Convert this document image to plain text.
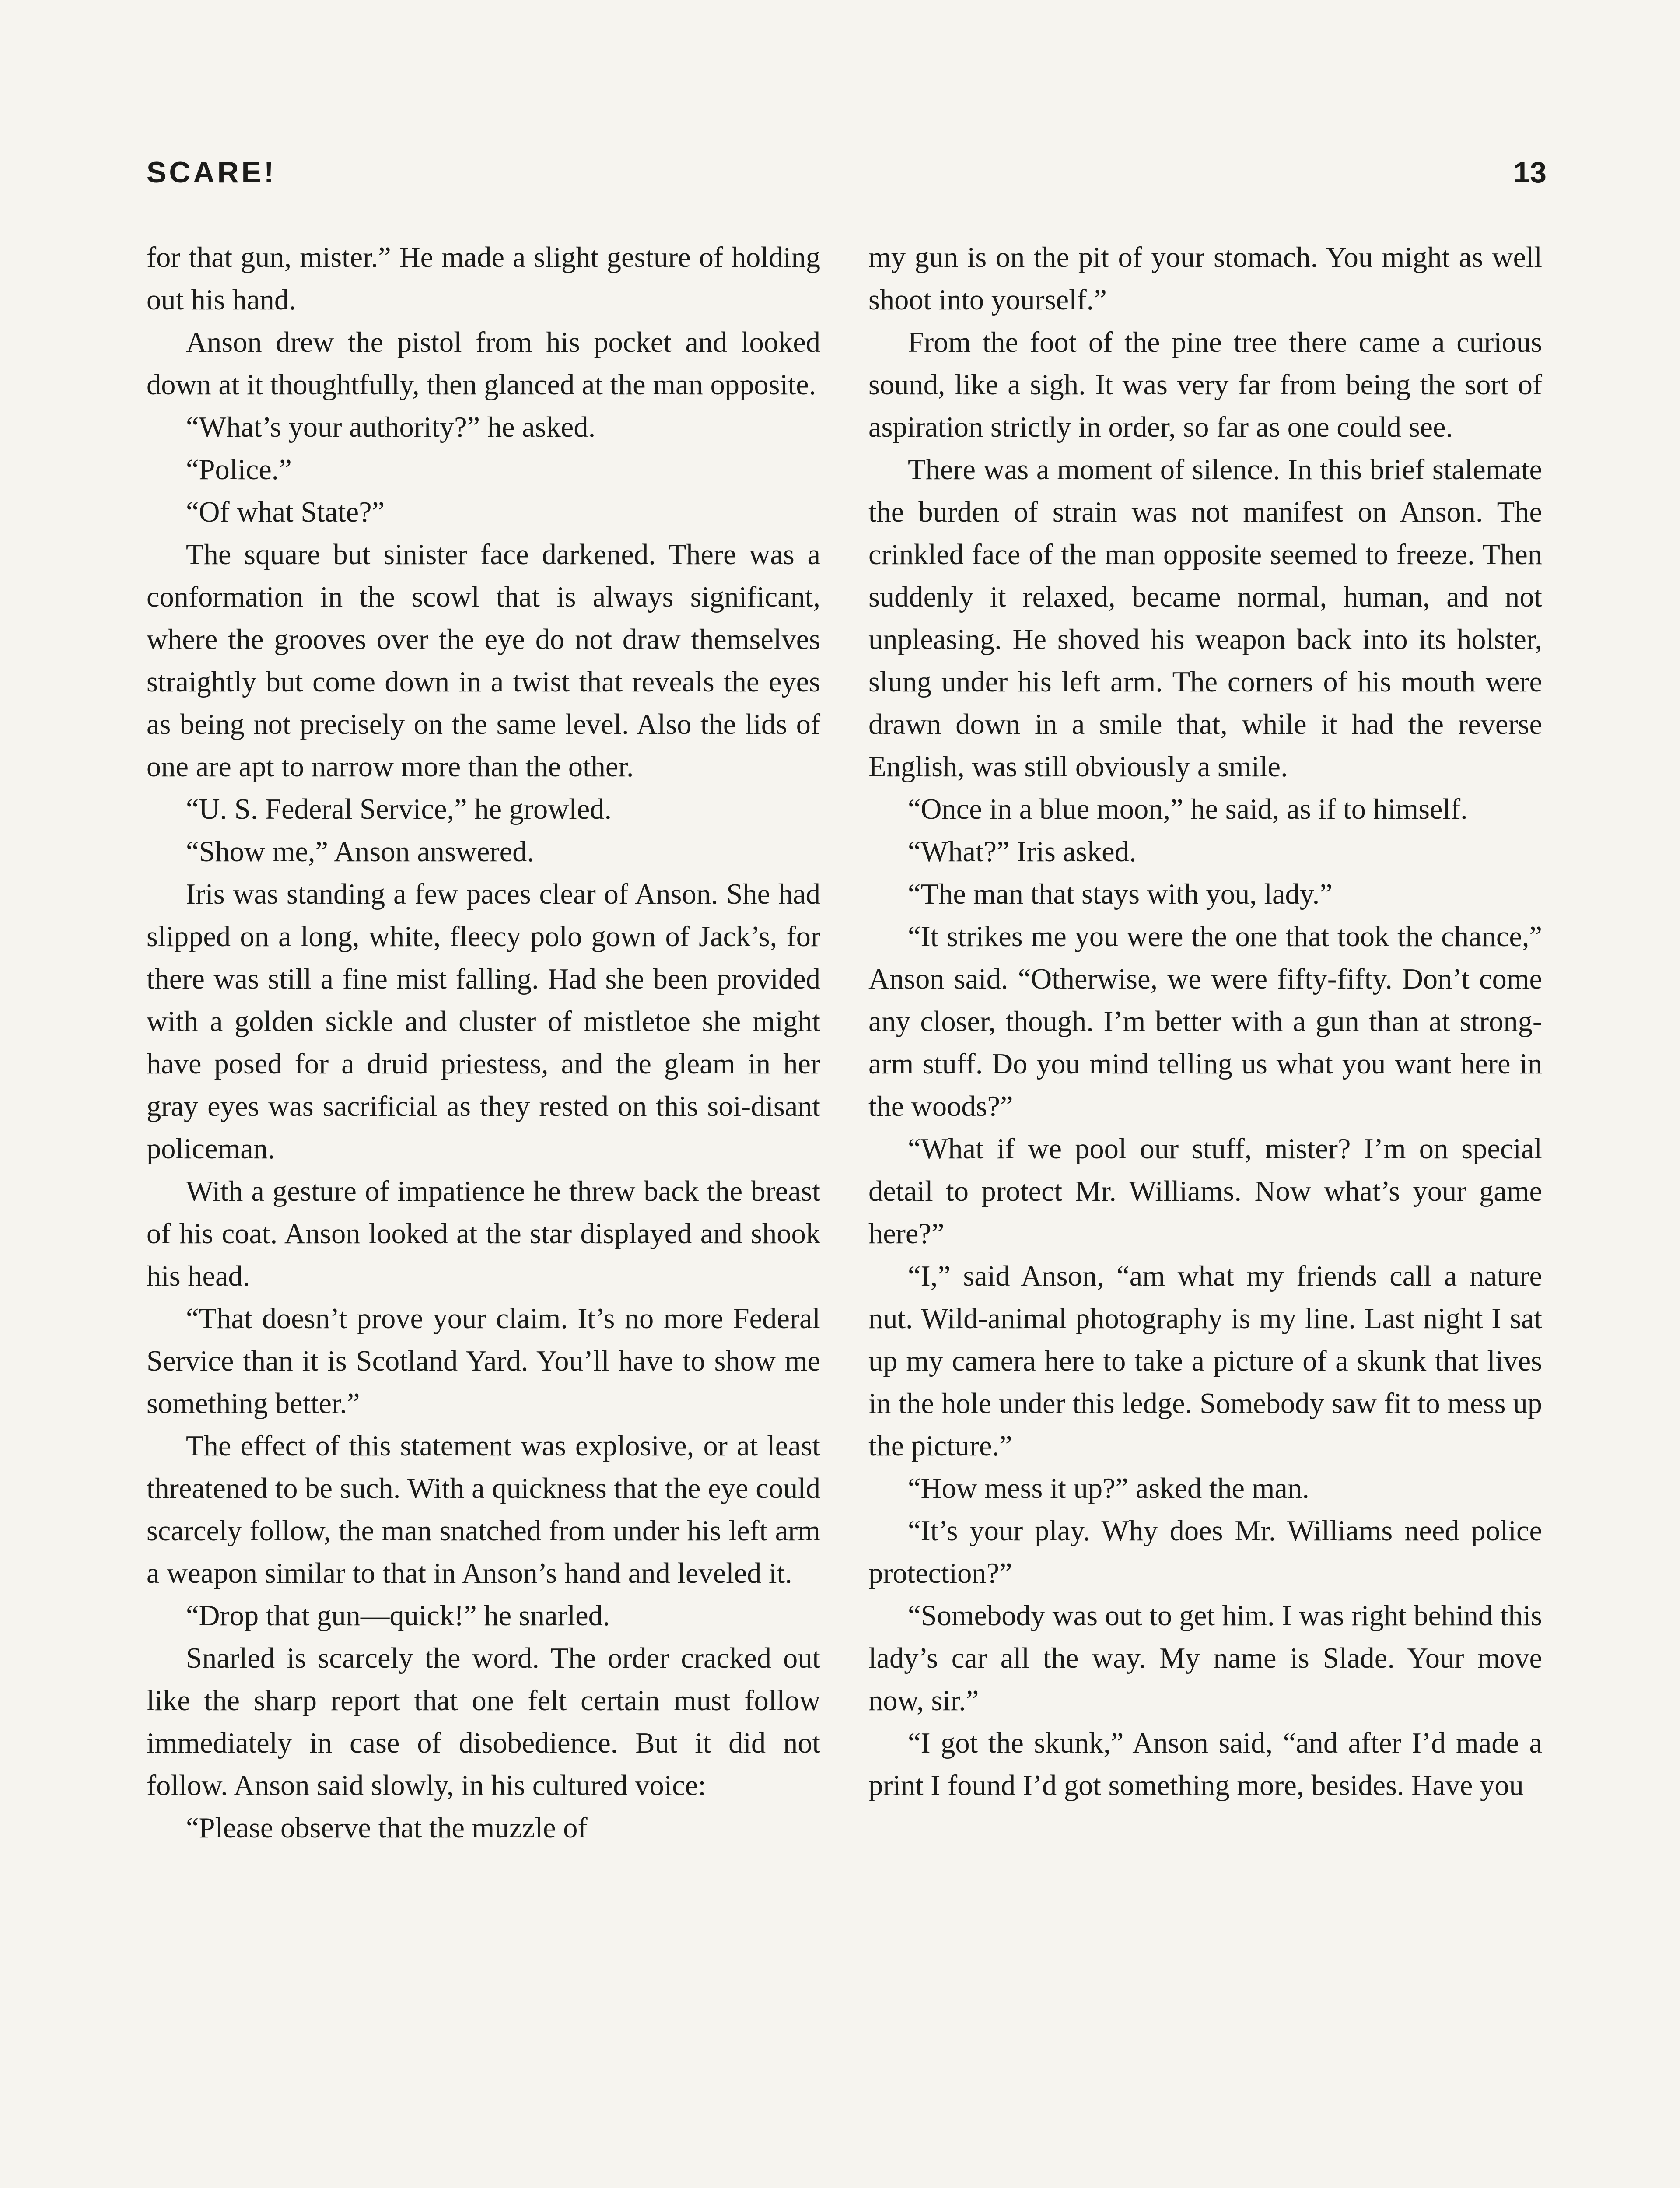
SCARE!	13

for that gun, mister.” He made a slight gesture of holding out his hand.

Anson drew the pistol from his pocket and looked down at it thoughtfully, then glanced at the man opposite.

“What’s your authority?” he asked.

“Police.”

“Of what State?”

The square but sinister face darkened. There was a conformation in the scowl that is always significant, where the grooves over the eye do not draw themselves straightly but come down in a twist that reveals the eyes as being not precisely on the same level. Also the lids of one are apt to narrow more than the other.

“U. S. Federal Service,” he growled.

“Show me,” Anson answered.

Iris was standing a few paces clear of Anson. She had slipped on a long, white, fleecy polo gown of Jack’s, for there was still a fine mist falling. Had she been provided with a golden sickle and cluster of mistletoe she might have posed for a druid priestess, and the gleam in her gray eyes was sacrificial as they rested on this soi-disant policeman.

With a gesture of impatience he threw back the breast of his coat. Anson looked at the star displayed and shook his head.

“That doesn’t prove your claim. It’s no more Federal Service than it is Scotland Yard. You’ll have to show me something better.”

The effect of this statement was explosive, or at least threatened to be such. With a quickness that the eye could scarcely follow, the man snatched from under his left arm a weapon similar to that in Anson’s hand and leveled it.

“Drop that gun—quick!” he snarled.

Snarled is scarcely the word. The order cracked out like the sharp report that one felt certain must follow immediately in case of disobedience. But it did not follow. Anson said slowly, in his cultured voice:

“Please observe that the muzzle of

my gun is on the pit of your stomach. You might as well shoot into yourself.”

From the foot of the pine tree there came a curious sound, like a sigh. It was very far from being the sort of aspiration strictly in order, so far as one could see.

There was a moment of silence. In this brief stalemate the burden of strain was not manifest on Anson. The crinkled face of the man opposite seemed to freeze. Then suddenly it relaxed, became normal, human, and not unpleasing. He shoved his weapon back into its holster, slung under his left arm. The corners of his mouth were drawn down in a smile that, while it had the reverse English, was still obviously a smile.

“Once in a blue moon,” he said, as if to himself.

“What?” Iris asked.

“The man that stays with you, lady.”

“It strikes me you were the one that took the chance,” Anson said. “Otherwise, we were fifty-fifty. Don’t come any closer, though. I’m better with a gun than at strong-arm stuff. Do you mind telling us what you want here in the woods?”

“What if we pool our stuff, mister? I’m on special detail to protect Mr. Williams. Now what’s your game here?”

“I,” said Anson, “am what my friends call a nature nut. Wild-animal photography is my line. Last night I sat up my camera here to take a picture of a skunk that lives in the hole under this ledge. Somebody saw fit to mess up the picture.”

“How mess it up?” asked the man.

“It’s your play. Why does Mr. Williams need police protection?”

“Somebody was out to get him. I was right behind this lady’s car all the way. My name is Slade. Your move now, sir.”

“I got the skunk,” Anson said, “and after I’d made a print I found I’d got something more, besides. Have you
